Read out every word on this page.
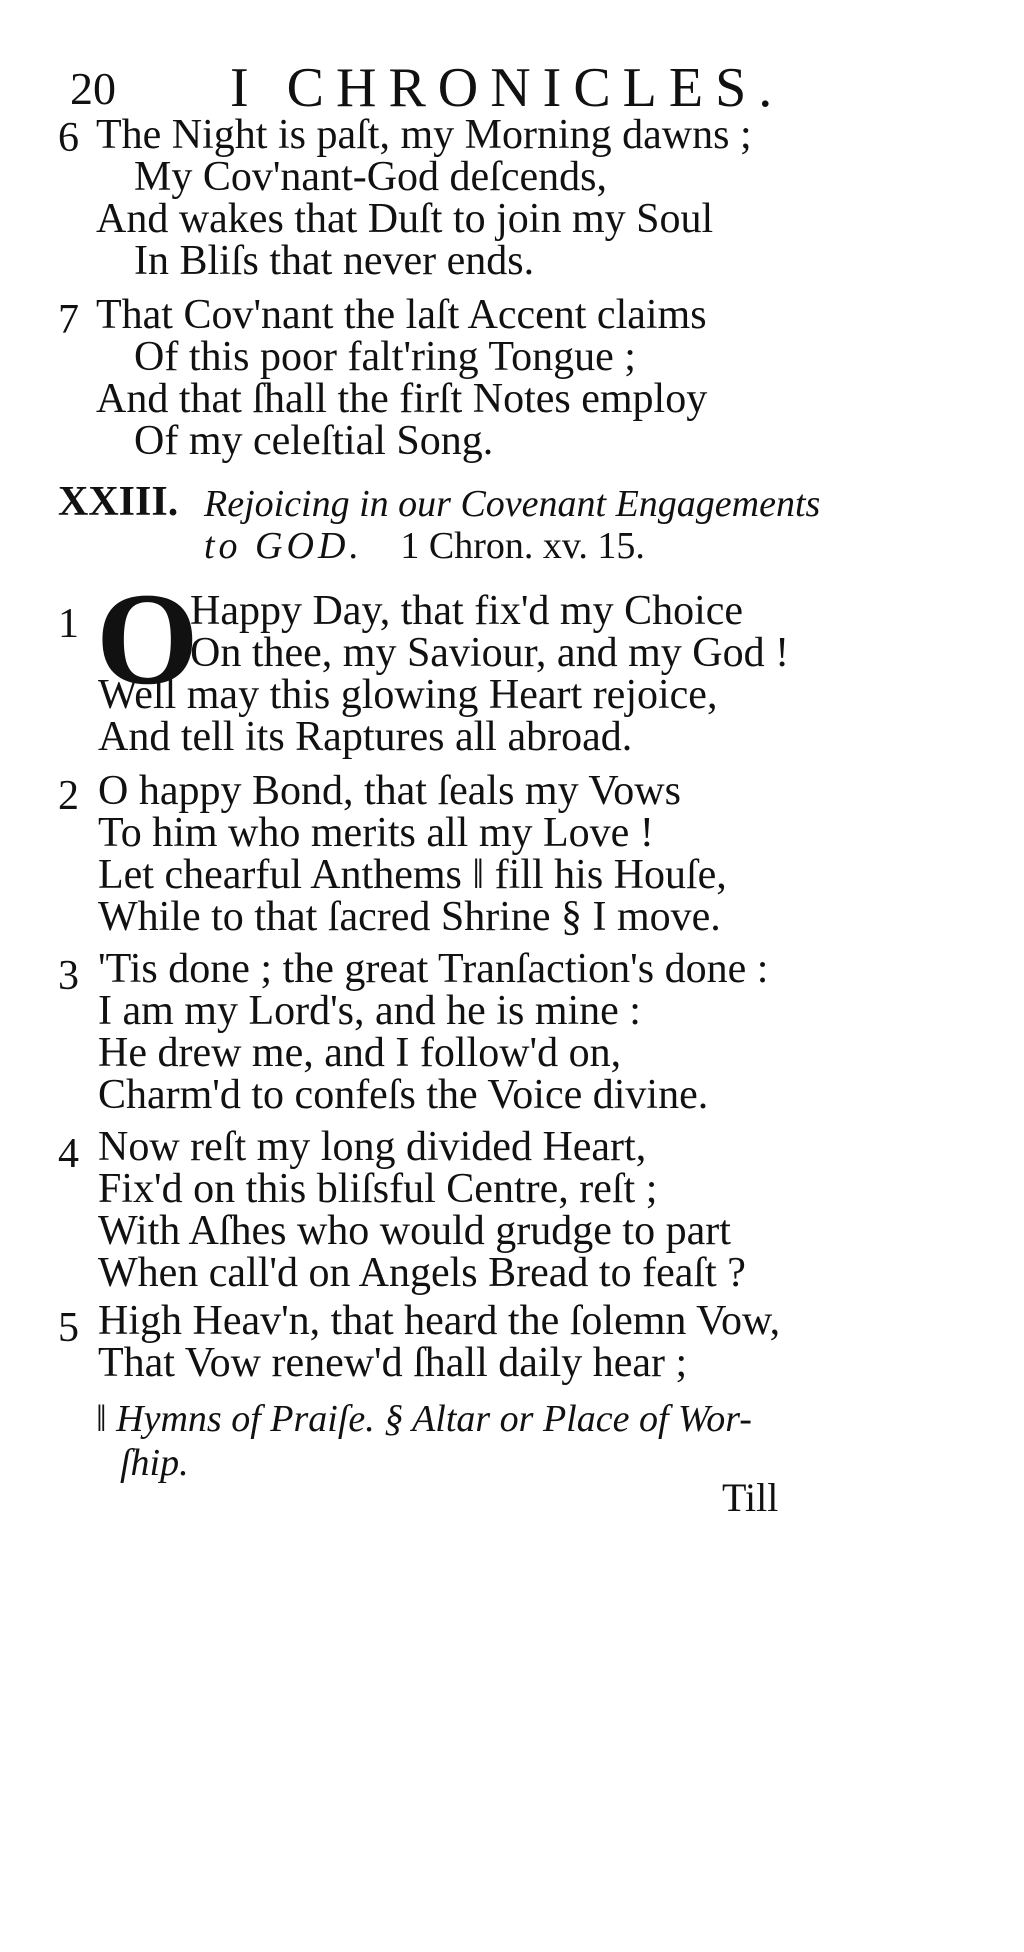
20 I CHRONICLES.
6 The Night is paſt, my Morning dawns ;
My Cov'nant-God deſcends,
And wakes that Duſt to join my Soul
In Bliſs that never ends.
7 That Cov'nant the laſt Accent claims
Of this poor falt'ring Tongue ;
And that ſhall the firſt Notes employ
Of my celeſtial Song.
XXIII. Rejoicing in our Covenant Engagements
to GOD. 1 Chron. xv. 15.
1 O
Happy Day, that fix'd my Choice
On thee, my Saviour, and my God !
Well may this glowing Heart rejoice,
And tell its Raptures all abroad.
2 O happy Bond, that ſeals my Vows
To him who merits all my Love !
Let chearful Anthems ‖ fill his Houſe,
While to that ſacred Shrine § I move.
3 'Tis done ; the great Tranſaction's done :
I am my Lord's, and he is mine :
He drew me, and I follow'd on,
Charm'd to confeſs the Voice divine.
4 Now reſt my long divided Heart,
Fix'd on this bliſsful Centre, reſt ;
With Aſhes who would grudge to part
When call'd on Angels Bread to feaſt ?
5 High Heav'n, that heard the ſolemn Vow,
That Vow renew'd ſhall daily hear ;
‖ Hymns of Praiſe. § Altar or Place of Wor-
ſhip.
Till
